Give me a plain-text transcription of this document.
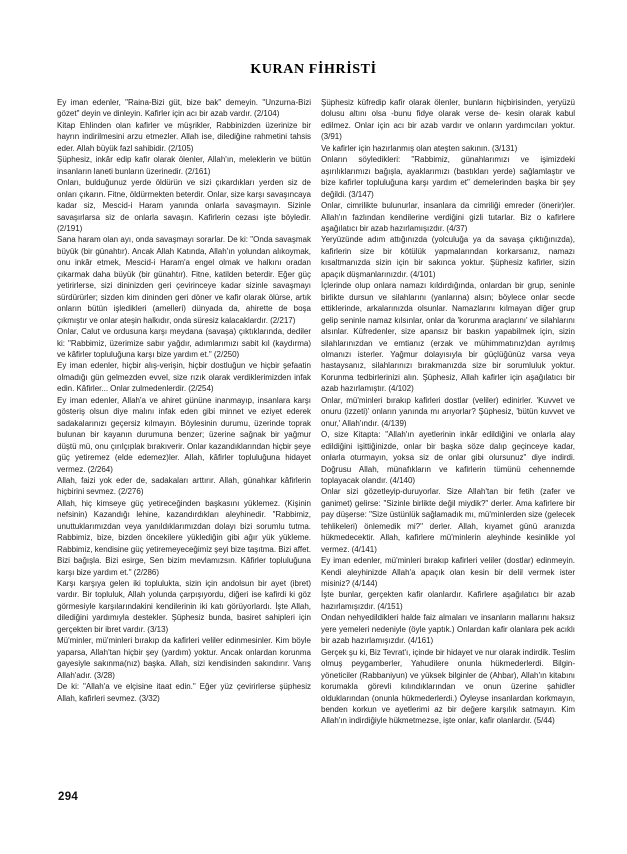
KURAN FİHRİSTİ

Ey iman edenler, "Raina-Bizi güt, bize bak" demeyin. "Unzurna-Bizi gözet" deyin ve dinleyin. Kafirler için acı bir azab vardır. (2/104)

Kitap Ehlinden olan kafirler ve müşrikler, Rabbinizden üzerinize bir hayrın indirilmesini arzu etmezler. Allah ise, dilediğine rahmetini tahsis eder. Allah büyük fazl sahibidir. (2/105)

Şüphesiz, inkâr edip kafir olarak ölenler, Allah'ın, meleklerin ve bütün insanların laneti bunların üzerinedir. (2/161)

Onları, bulduğunuz yerde öldürün ve sizi çıkardıkları yerden siz de onları çıkarın. Fitne, öldürmekten beterdir. Onlar, size karşı savaşıncaya kadar siz, Mescid-i Haram yanında onlarla savaşmayın. Sizinle savaşırlarsa siz de onlarla savaşın. Kafirlerin cezası işte böyledir. (2/191)

Sana haram olan ayı, onda savaşmayı sorarlar. De ki: "Onda savaşmak büyük (bir günahtır). Ancak Allah Katında, Allah'ın yolundan alıkoymak, onu inkâr etmek, Mescid-i Haram'a engel olmak ve halkını oradan çıkarmak daha büyük (bir günahtır). Fitne, katilden beterdir. Eğer güç yetirirlerse, sizi dininizden geri çevirinceye kadar sizinle savaşmayı sürdürürler; sizden kim dininden geri döner ve kafir olarak ölürse, artık onların bütün işledikleri (amelleri) dünyada da, ahirette de boşa çıkmıştır ve onlar ateşin halkıdır, onda süresiz kalacaklardır. (2/217)

Onlar, Calut ve ordusuna karşı meydana (savaşa) çıktıklarında, dediler ki: "Rabbimiz, üzerimize sabır yağdır, adımlarımızı sabit kıl (kaydırma) ve kâfirler topluluğuna karşı bize yardım et." (2/250)

Ey iman edenler, hiçbir alış-verişin, hiçbir dostluğun ve hiçbir şefaatin olmadığı gün gelmezden evvel, size rızık olarak verdiklerimizden infak edin. Kâfirler... Onlar zulmedenlerdir. (2/254)

Ey iman edenler, Allah'a ve ahiret gününe inanmayıp, insanlara karşı gösteriş olsun diye malını infak eden gibi minnet ve eziyet ederek sadakalarınızı geçersiz kılmayın. Böylesinin durumu, üzerinde toprak bulunan bir kayanın durumuna benzer; üzerine sağnak bir yağmur düştü mü, onu çırılçıplak bırakıverir. Onlar kazandıklarından hiçbir şeye güç yetiremez (elde edemez)ler. Allah, kâfirler topluluğuna hidayet vermez. (2/264)

Allah, faizi yok eder de, sadakaları arttırır. Allah, günahkar kâfirlerin hiçbirini sevmez. (2/276)

Allah, hiç kimseye güç yetireceğinden başkasını yüklemez. (Kişinin nefsinin) Kazandığı lehine, kazandırdıkları aleyhinedir. "Rabbimiz, unuttuklarımızdan veya yanıldıklarımızdan dolayı bizi sorumlu tutma. Rabbimiz, bize, bizden öncekilere yüklediğin gibi ağır yük yükleme. Rabbimiz, kendisine güç yetiremeyeceğimiz şeyi bize taşıtma. Bizi affet. Bizi bağışla. Bizi esirge, Sen bizim mevlamızsın. Kâfirler topluluğuna karşı bize yardım et." (2/286)

Karşı karşıya gelen iki toplulukta, sizin için andolsun bir ayet (ibret) vardır. Bir topluluk, Allah yolunda çarpışıyordu, diğeri ise kafirdi ki göz görmesiyle karşılarındakini kendilerinin iki katı görüyorlardı. İşte Allah, dilediğini yardımıyla destekler. Şüphesiz bunda, basiret sahipleri için gerçekten bir ibret vardır. (3/13)

Mü'minler, mü'minleri bırakıp da kafirleri veliler edinmesinler. Kim böyle yaparsa, Allah'tan hiçbir şey (yardım) yoktur. Ancak onlardan korunma gayesiyle sakınma(nız) başka. Allah, sizi kendisinden sakındırır. Varış Allah'adır. (3/28)

De ki: "Allah'a ve elçisine itaat edin." Eğer yüz çevirirlerse şüphesiz Allah, kafirleri sevmez. (3/32)

Şüphesiz küfredip kafir olarak ölenler, bunların hiçbirisinden, yeryüzü dolusu altını olsa -bunu fidye olarak verse de- kesin olarak kabul edilmez. Onlar için acı bir azab vardır ve onların yardımcıları yoktur. (3/91)

Ve kafirler için hazırlanmış olan ateşten sakının. (3/131)

Onların söyledikleri: "Rabbimiz, günahlarımızı ve işimizdeki aşırılıklarımızı bağışla, ayaklarımızı (bastıkları yerde) sağlamlaştır ve bize kafirler topluluğuna karşı yardım et" demelerinden başka bir şey değildi. (3/147)

Onlar, cimrilikte bulunurlar, insanlara da cimriliği emreder (önerir)ler. Allah'ın fazlından kendilerine verdiğini gizli tutarlar. Biz o kafirlere aşağılatıcı bir azab hazırlamışızdır. (4/37)

Yeryüzünde adım attığınızda (yolculuğa ya da savaşa çıktığınızda), kafirlerin size bir kötülük yapmalarından korkarsanız, namazı kısaltmanızda sizin için bir sakınca yoktur. Şüphesiz kafirler, sizin apaçık düşmanlarınızdır. (4/101)

İçlerinde olup onlara namazı kıldırdığında, onlardan bir grup, seninle birlikte dursun ve silahlarını (yanlarına) alsın; böylece onlar secde ettiklerinde, arkalarınızda olsunlar. Namazlarını kılmayan diğer grup gelip seninle namaz kılsınlar, onlar da 'korunma araçlarını' ve silahlarını alsınlar. Küfredenler, size apansız bir baskın yapabilmek için, sizin silahlarınızdan ve emtianız (erzak ve mühimmatınız)dan ayrılmış olmanızı isterler. Yağmur dolayısıyla bir güçlüğünüz varsa veya hastaysanız, silahlarınızı bırakmanızda size bir sorumluluk yoktur. Korunma tedbirlerinizi alın. Şüphesiz, Allah kafirler için aşağılatıcı bir azab hazırlamıştır. (4/102)

Onlar, mü'minleri bırakıp kafirleri dostlar (veliler) edinirler. 'Kuvvet ve onuru (izzeti)' onların yanında mı arıyorlar? Şüphesiz, 'bütün kuvvet ve onur,' Allah'ındır. (4/139)

O, size Kitapta: "Allah'ın ayetlerinin inkâr edildiğini ve onlarla alay edildiğini işittiğinizde, onlar bir başka söze dalıp geçinceye kadar, onlarla oturmayın, yoksa siz de onlar gibi olursunuz" diye indirdi. Doğrusu Allah, münafıkların ve kafirlerin tümünü cehennemde toplayacak olandır. (4/140)

Onlar sizi gözetleyip-duruyorlar. Size Allah'tan bir fetih (zafer ve ganimet) gelirse: "Sizinle birlikte değil miydik?" derler. Ama kafirlere bir pay düşerse: "Size üstünlük sağlamadık mı, mü'minlerden size (gelecek tehlikeleri) önlemedik mi?" derler. Allah, kıyamet günü aranızda hükmedecektir. Allah, kafirlere mü'minlerin aleyhinde kesinlikle yol vermez. (4/141)

Ey iman edenler, mü'minleri bırakıp kafirleri veliler (dostlar) edinmeyin. Kendi aleyhinizde Allah'a apaçık olan kesin bir delil vermek ister misiniz? (4/144)

İşte bunlar, gerçekten kafir olanlardır. Kafirlere aşağılatıcı bir azab hazırlamışızdır. (4/151)

Ondan nehyedildikleri halde faiz almaları ve insanların mallarını haksız yere yemeleri nedeniyle (öyle yaptık.) Onlardan kafir olanlara pek acıklı bir azab hazırlamışızdır. (4/161)

Gerçek şu ki, Biz Tevrat'ı, içinde bir hidayet ve nur olarak indirdik. Teslim olmuş peygamberler, Yahudilere onunla hükmederlerdi. Bilgin-yöneticiler (Rabbaniyun) ve yüksek bilginler de (Ahbar), Allah'ın kitabını korumakla görevli kılındıklarından ve onun üzerine şahidler olduklarından (onunla hükmederlerdi.) Öyleyse insanlardan korkmayın, benden korkun ve ayetlerimi az bir değere karşılık satmayın. Kim Allah'ın indirdiğiyle hükmetmezse, işte onlar, kafir olanlardır. (5/44)

294
